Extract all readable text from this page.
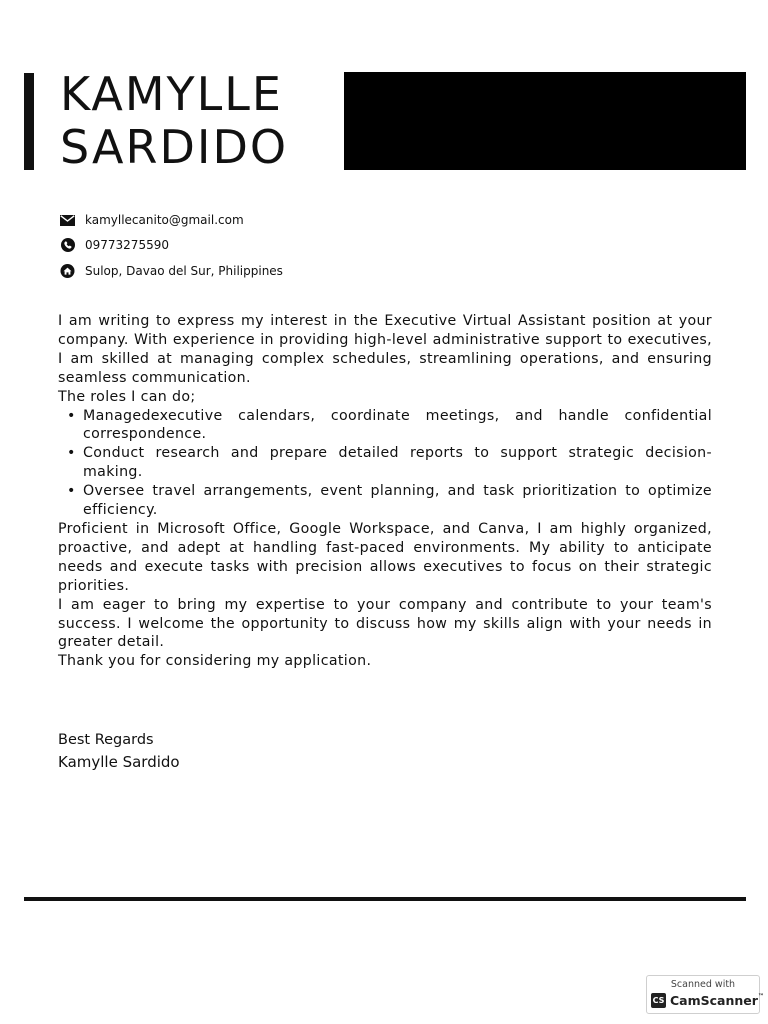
KAMYLLE
SARDIDO
kamyllecanito@gmail.com
09773275590
Sulop, Davao del Sur, Philippines

I am writing to express my interest in the Executive Virtual Assistant position at your company. With experience in providing high-level administrative support to executives, I am skilled at managing complex schedules, streamlining operations, and ensuring seamless communication.

The roles I can do;

• Managedexecutive calendars, coordinate meetings, and handle confidential correspondence.
• Conduct research and prepare detailed reports to support strategic decision-making.
• Oversee travel arrangements, event planning, and task prioritization to optimize efficiency.

Proficient in Microsoft Office, Google Workspace, and Canva, I am highly organized, proactive, and adept at handling fast-paced environments. My ability to anticipate needs and execute tasks with precision allows executives to focus on their strategic priorities.

I am eager to bring my expertise to your company and contribute to your team's success. I welcome the opportunity to discuss how my skills align with your needs in greater detail.

Thank you for considering my application.

Best Regards
Kamylle Sardido
Scanned with
CS CamScanner™
